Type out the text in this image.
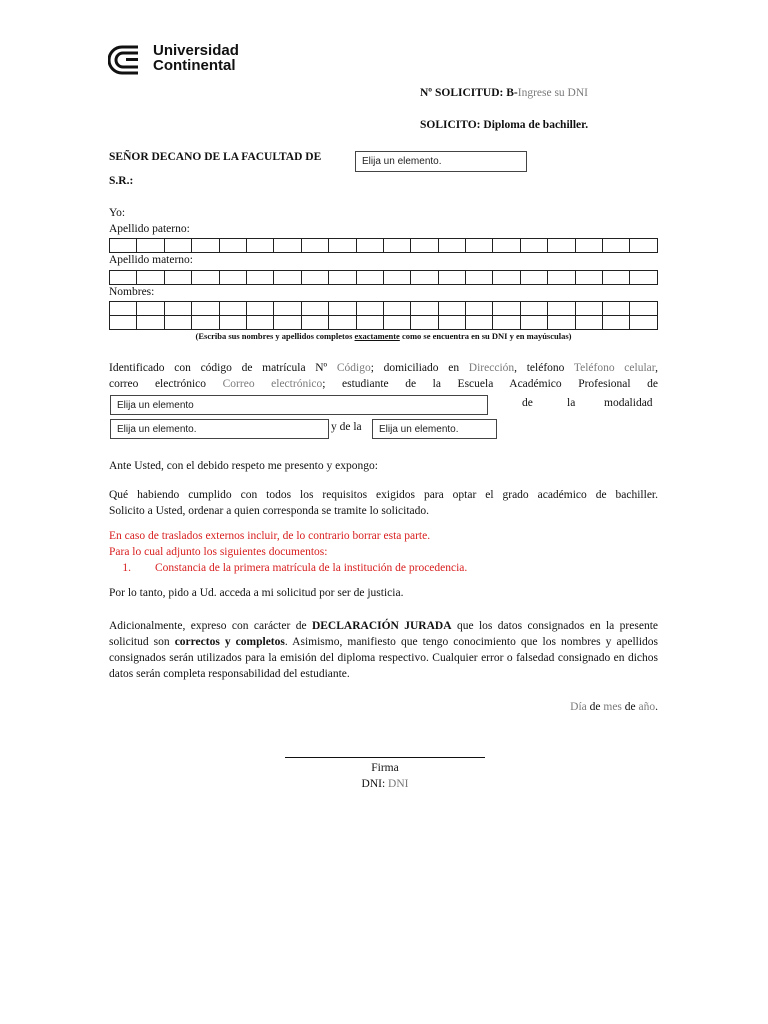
Universidad
Continental
Nº SOLICITUD: B-Ingrese su DNI
SOLICITO: Diploma de bachiller.
SEÑOR DECANO DE LA FACULTAD DE	Elija un elemento.
S.R.:
Yo:
Apellido paterno:

Apellido materno:

Nombres:

(Escriba sus nombres y apellidos completos exactamente como se encuentra en su DNI y en mayúsculas)
Identificado con código de matrícula Nº Código; domiciliado en Dirección, teléfono Teléfono celular,
correo electrónico Correo electrónico; estudiante de la Escuela Académico Profesional de
Elija un elemento	de	la modalidad
Elija un elemento.	y de la	Elija un elemento.
Ante Usted, con el debido respeto me presento y expongo:
Qué habiendo cumplido con todos los requisitos exigidos para optar el grado académico de bachiller.
Solicito a Usted, ordenar a quien corresponda se tramite lo solicitado.
En caso de traslados externos incluir, de lo contrario borrar esta parte.
Para lo cual adjunto los siguientes documentos:
1. Constancia de la primera matrícula de la institución de procedencia.
Por lo tanto, pido a Ud. acceda a mi solicitud por ser de justicia.
Adicionalmente, expreso con carácter de DECLARACIÓN JURADA que los datos consignados en la presente solicitud son correctos y completos. Asimismo, manifiesto que tengo conocimiento que los nombres y apellidos consignados serán utilizados para la emisión del diploma respectivo. Cualquier error o falsedad consignado en dichos datos serán completa responsabilidad del estudiante.
Día de mes de año.
Firma
DNI: DNI
